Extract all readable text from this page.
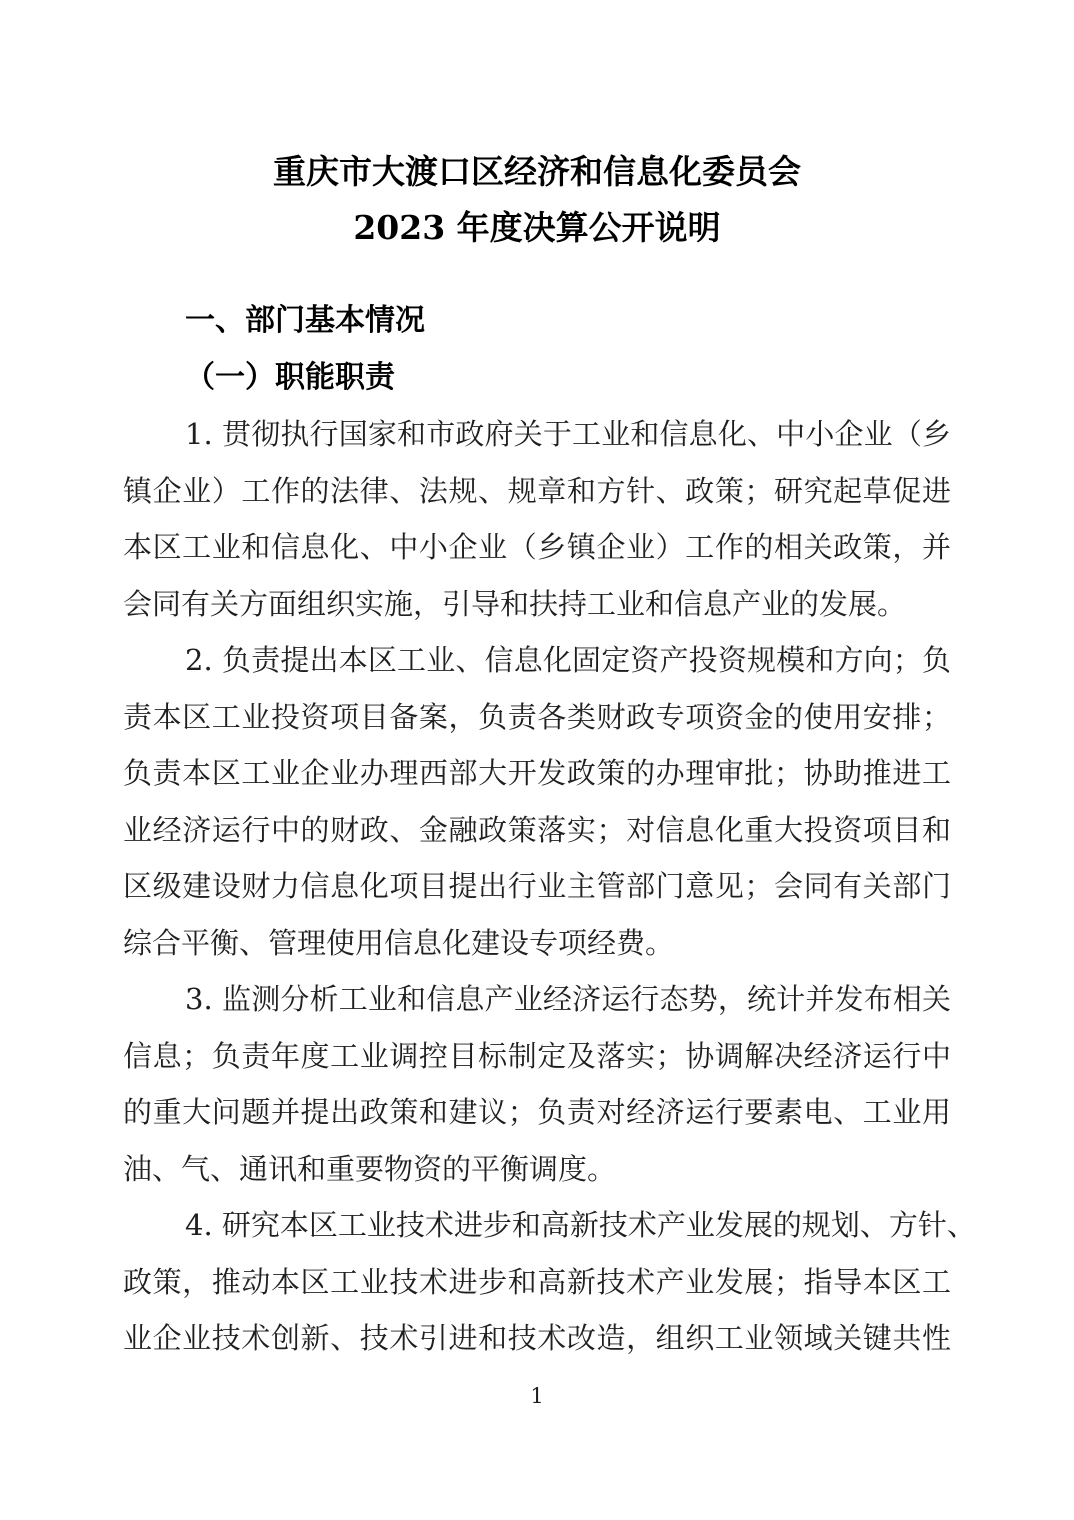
重庆市大渡口区经济和信息化委员会
2023 年度决算公开说明
一、部门基本情况
（一）职能职责
1. 贯彻执行国家和市政府关于工业和信息化、中小企业（乡
镇企业）工作的法律、法规、规章和方针、政策；研究起草促进
本区工业和信息化、中小企业（乡镇企业）工作的相关政策，并
会同有关方面组织实施，引导和扶持工业和信息产业的发展。
2. 负责提出本区工业、信息化固定资产投资规模和方向；负
责本区工业投资项目备案，负责各类财政专项资金的使用安排；
负责本区工业企业办理西部大开发政策的办理审批；协助推进工
业经济运行中的财政、金融政策落实；对信息化重大投资项目和
区级建设财力信息化项目提出行业主管部门意见；会同有关部门
综合平衡、管理使用信息化建设专项经费。
3. 监测分析工业和信息产业经济运行态势，统计并发布相关
信息；负责年度工业调控目标制定及落实；协调解决经济运行中
的重大问题并提出政策和建议；负责对经济运行要素电、工业用
油、气、通讯和重要物资的平衡调度。
4. 研究本区工业技术进步和高新技术产业发展的规划、方针、
政策，推动本区工业技术进步和高新技术产业发展；指导本区工
业企业技术创新、技术引进和技术改造，组织工业领域关键共性
1
